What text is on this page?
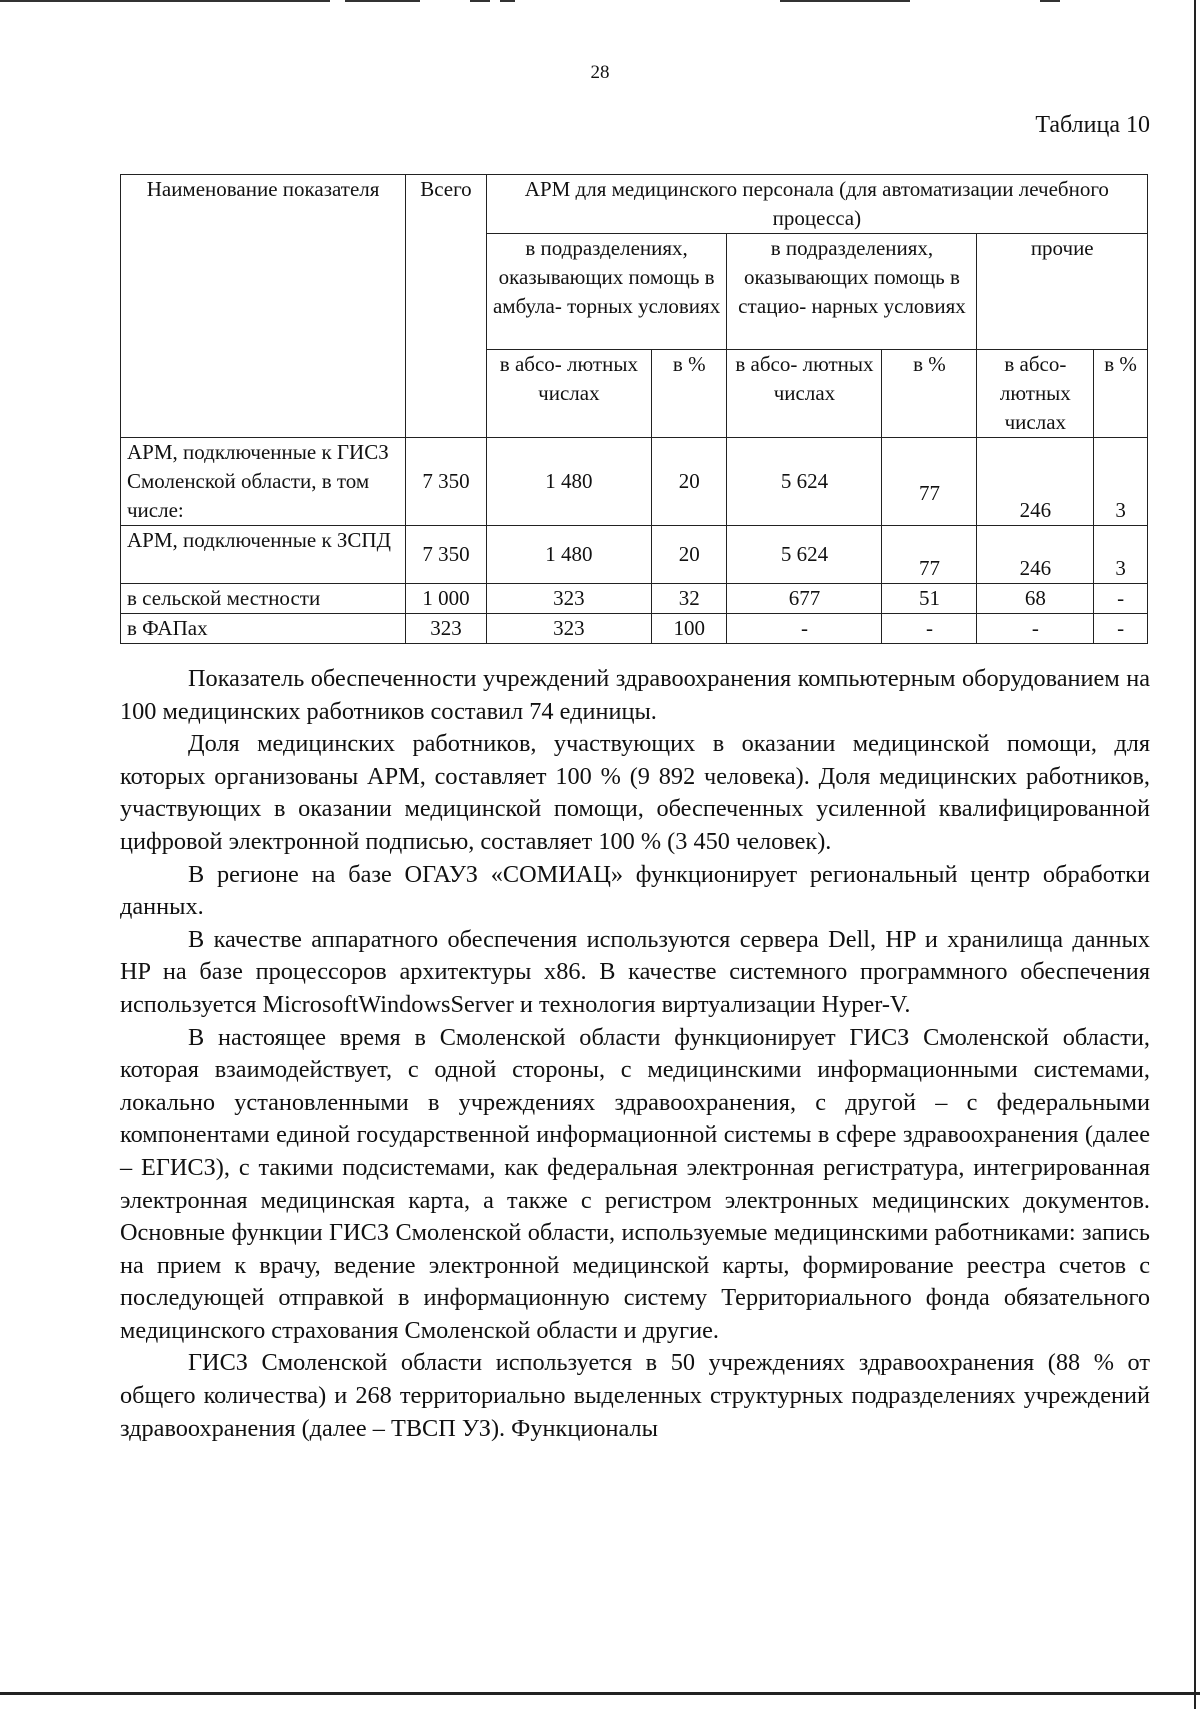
28
Таблица 10
Наименование показателя	Всего	АРМ для медицинского персонала (для автоматизации лечебного процесса)					
		в подразделениях, оказывающих помощь в амбула- торных условиях		в подразделениях, оказывающих помощь в стацио- нарных условиях		прочие	
		в абсо- лютных числах	в %	в абсо- лютных числах	в %	в абсо- лютных числах	в %
АРМ, подключенные к ГИСЗ Смоленской области, в том числе:	7 350	1 480	20	5 624	77	246	3
АРМ, подключенные к ЗСПД	7 350	1 480	20	5 624	77	246	3
в сельской местности	1 000	323	32	677	51	68	-
в ФАПах	323	323	100	-	-	-	-

Показатель обеспеченности учреждений здравоохранения компьютерным оборудованием на 100 медицинских работников составил 74 единицы.

Доля медицинских работников, участвующих в оказании медицинской помощи, для которых организованы АРМ, составляет 100 % (9 892 человека). Доля медицинских работников, участвующих в оказании медицинской помощи, обеспеченных усиленной квалифицированной цифровой электронной подписью, составляет 100 % (3 450 человек).

В регионе на базе ОГАУЗ «СОМИАЦ» функционирует региональный центр обработки данных.

В качестве аппаратного обеспечения используются сервера Dell, HP и хранилища данных HP на базе процессоров архитектуры x86. В качестве системного программного обеспечения используется MicrosoftWindowsServer и технология виртуализации Hyper-V.

В настоящее время в Смоленской области функционирует ГИСЗ Смоленской области, которая взаимодействует, с одной стороны, с медицинскими информационными системами, локально установленными в учреждениях здравоохранения, с другой – с федеральными компонентами единой государственной информационной системы в сфере здравоохранения (далее – ЕГИСЗ), с такими подсистемами, как федеральная электронная регистратура, интегрированная электронная медицинская карта, а также с регистром электронных медицинских документов. Основные функции ГИСЗ Смоленской области, используемые медицинскими работниками: запись на прием к врачу, ведение электронной медицинской карты, формирование реестра счетов с последующей отправкой в информационную систему Территориального фонда обязательного медицинского страхования Смоленской области и другие.

ГИСЗ Смоленской области используется в 50 учреждениях здравоохранения (88 % от общего количества) и 268 территориально выделенных структурных подразделениях учреждений здравоохранения (далее – ТВСП УЗ). Функционалы
